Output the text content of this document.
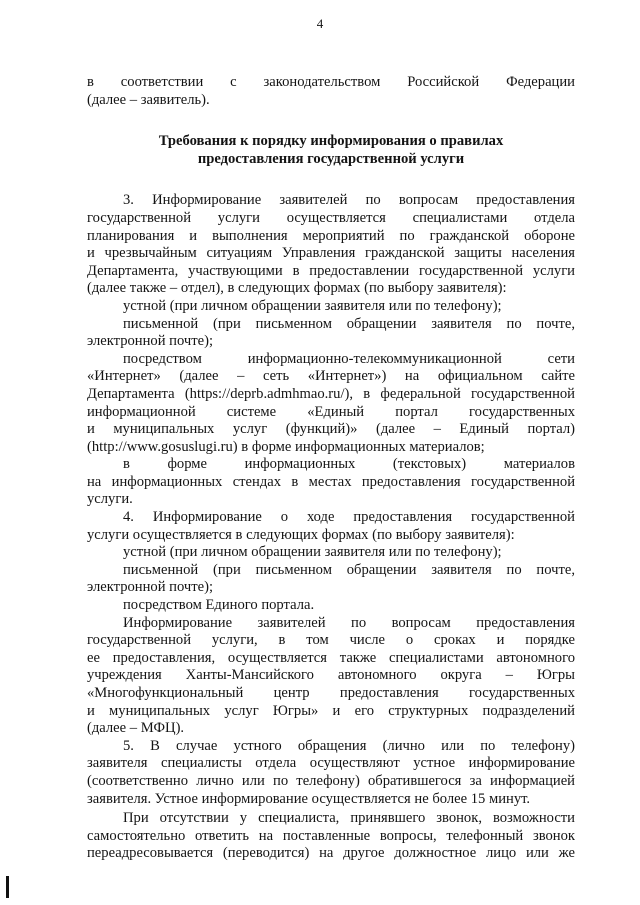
4

в соответствии с законодательством Российской Федерации

(далее – заявитель).

Требования к порядку информирования о правилах
предоставления государственной услуги

3. Информирование заявителей по вопросам предоставления

государственной услуги осуществляется специалистами отдела

планирования и выполнения мероприятий по гражданской обороне

и чрезвычайным ситуациям Управления гражданской защиты населения

Департамента, участвующими в предоставлении государственной услуги

(далее также – отдел), в следующих формах (по выбору заявителя):

устной (при личном обращении заявителя или по телефону);

письменной (при письменном обращении заявителя по почте,

электронной почте);

посредством информационно-телекоммуникационной сети

«Интернет» (далее – сеть «Интернет») на официальном сайте

Департамента (https://deprb.admhmao.ru/), в федеральной государственной

информационной системе «Единый портал государственных

и муниципальных услуг (функций)» (далее – Единый портал)

(http://www.gosuslugi.ru) в форме информационных материалов;

в форме информационных (текстовых) материалов

на информационных стендах в местах предоставления государственной

услуги.

4. Информирование о ходе предоставления государственной

услуги осуществляется в следующих формах (по выбору заявителя):

устной (при личном обращении заявителя или по телефону);

письменной (при письменном обращении заявителя по почте,

электронной почте);

посредством Единого портала.

Информирование заявителей по вопросам предоставления

государственной услуги, в том числе о сроках и порядке

ее предоставления, осуществляется также специалистами автономного

учреждения Ханты-Мансийского автономного округа – Югры

«Многофункциональный центр предоставления государственных

и муниципальных услуг Югры» и его структурных подразделений

(далее – МФЦ).

5. В случае устного обращения (лично или по телефону)

заявителя специалисты отдела осуществляют устное информирование

(соответственно лично или по телефону) обратившегося за информацией

заявителя. Устное информирование осуществляется не более 15 минут.

При отсутствии у специалиста, принявшего звонок, возможности

самостоятельно ответить на поставленные вопросы, телефонный звонок

переадресовывается (переводится) на другое должностное лицо или же
